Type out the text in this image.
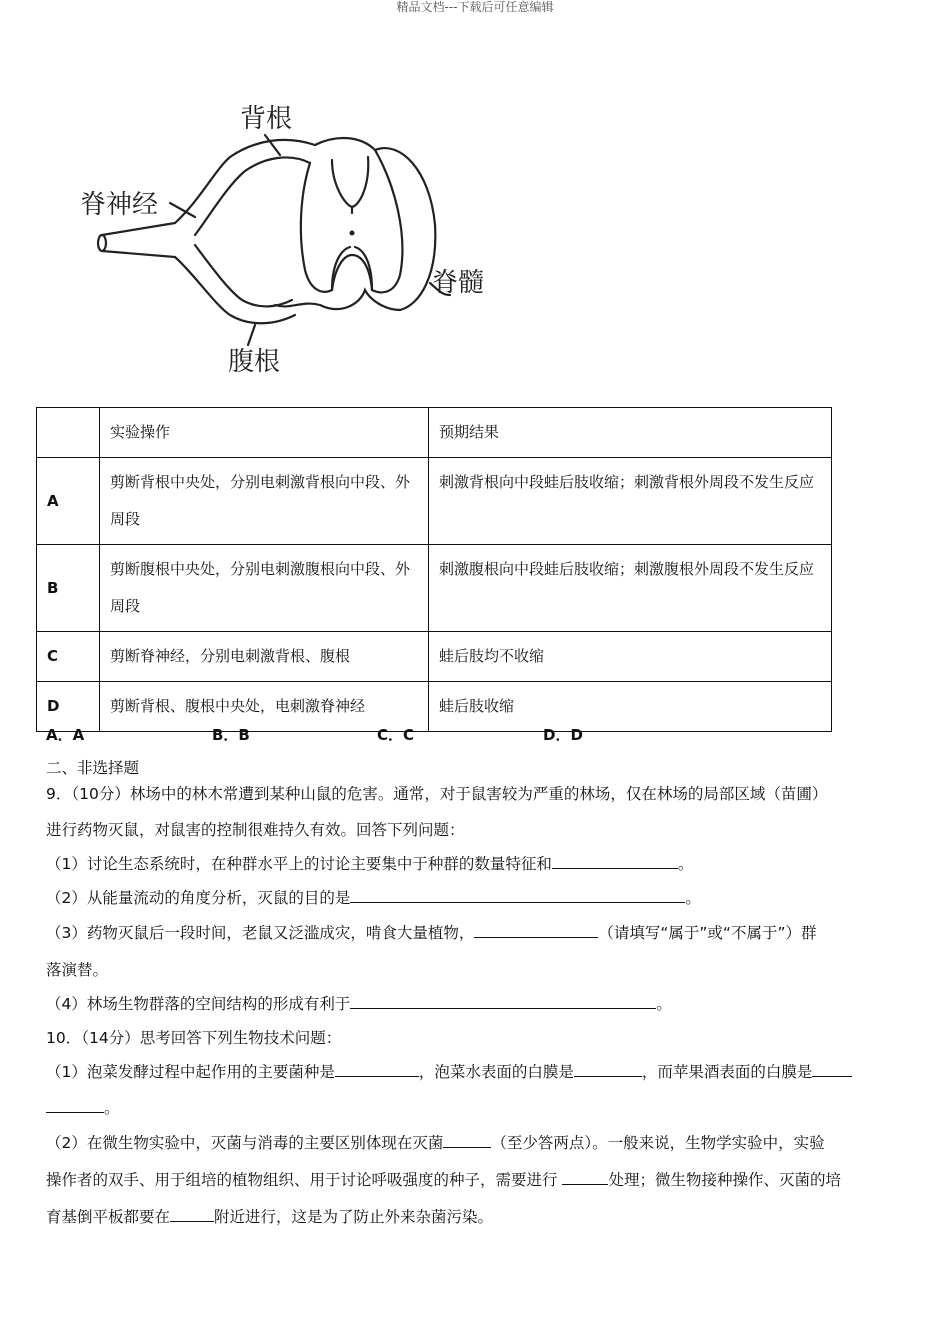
精品文档---下载后可任意编辑
背根
脊神经
脊髓
腹根
	实验操作	预期结果
A	剪断背根中央处，分别电刺激背根向中段、外周段	刺激背根向中段蛙后肢收缩；刺激背根外周段不发生反应
B	剪断腹根中央处，分别电刺激腹根向中段、外周段	刺激腹根向中段蛙后肢收缩；刺激腹根外周段不发生反应
C	剪断脊神经，分别电刺激背根、腹根	蛙后肢均不收缩
D	剪断背根、腹根中央处，电刺激脊神经	蛙后肢收缩
A．A	B．B	C．C	D．D
二、非选择题
9．（10分）林场中的林木常遭到某种山鼠的危害。通常，对于鼠害较为严重的林场，仅在林场的局部区域（苗圃）
进行药物灭鼠，对鼠害的控制很难持久有效。回答下列问题：
（1）讨论生态系统时，在种群水平上的讨论主要集中于种群的数量特征和	。
（2）从能量流动的角度分析，灭鼠的目的是	。
（3）药物灭鼠后一段时间，老鼠又泛滥成灾，啃食大量植物，	（请填写“属于”或“不属于”）群
落演替。
（4）林场生物群落的空间结构的形成有利于	。
10．（14分）思考回答下列生物技术问题：
（1）泡菜发酵过程中起作用的主要菌种是	，泡菜水表面的白膜是	，而苹果酒表面的白膜是
。
（2）在微生物实验中，灭菌与消毒的主要区别体现在灭菌	（至少答两点）。一般来说，生物学实验中，实验
操作者的双手、用于组培的植物组织、用于讨论呼吸强度的种子，需要进行	处理；微生物接种操作、灭菌的培
育基倒平板都要在	附近进行，这是为了防止外来杂菌污染。
